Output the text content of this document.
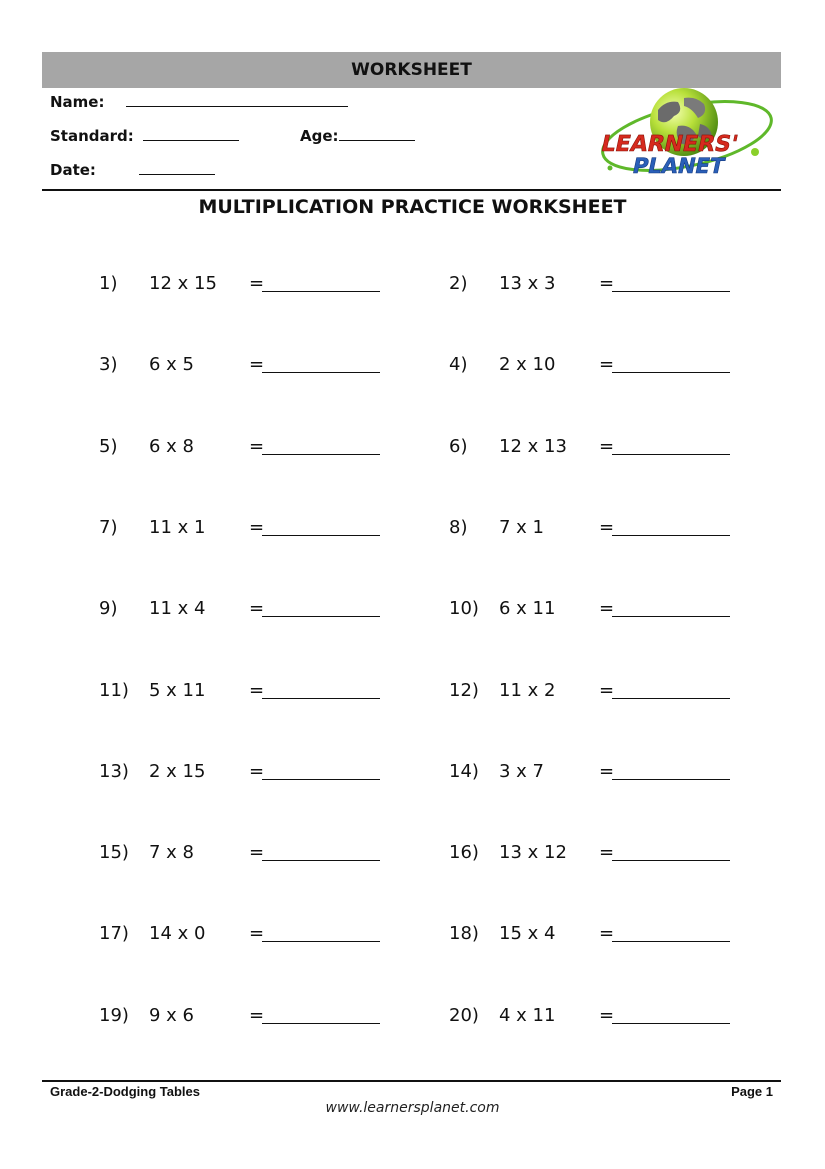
WORKSHEET
Name:
Standard:	Age:
Date:
LEARNERS'
PLANET
MULTIPLICATION PRACTICE WORKSHEET
1) 12 x 15 =	2) 13 x 3 =
3) 6 x 5	=	4) 2 x 10 =
5) 6 x 8	=	6) 12 x 13 =
7) 11 x 1 =	8) 7 x 1	=
9) 11 x 4 =	10) 6 x 11 =
11) 5 x 11 =	12) 11 x 2 =
13) 2 x 15 =	14) 3 x 7	=
15) 7 x 8	=	16) 13 x 12 =
17) 14 x 0 =	18) 15 x 4 =
19) 9 x 6	=	20) 4 x 11 =
Grade-2-Dodging Tables	Page 1
www.learnersplanet.com
